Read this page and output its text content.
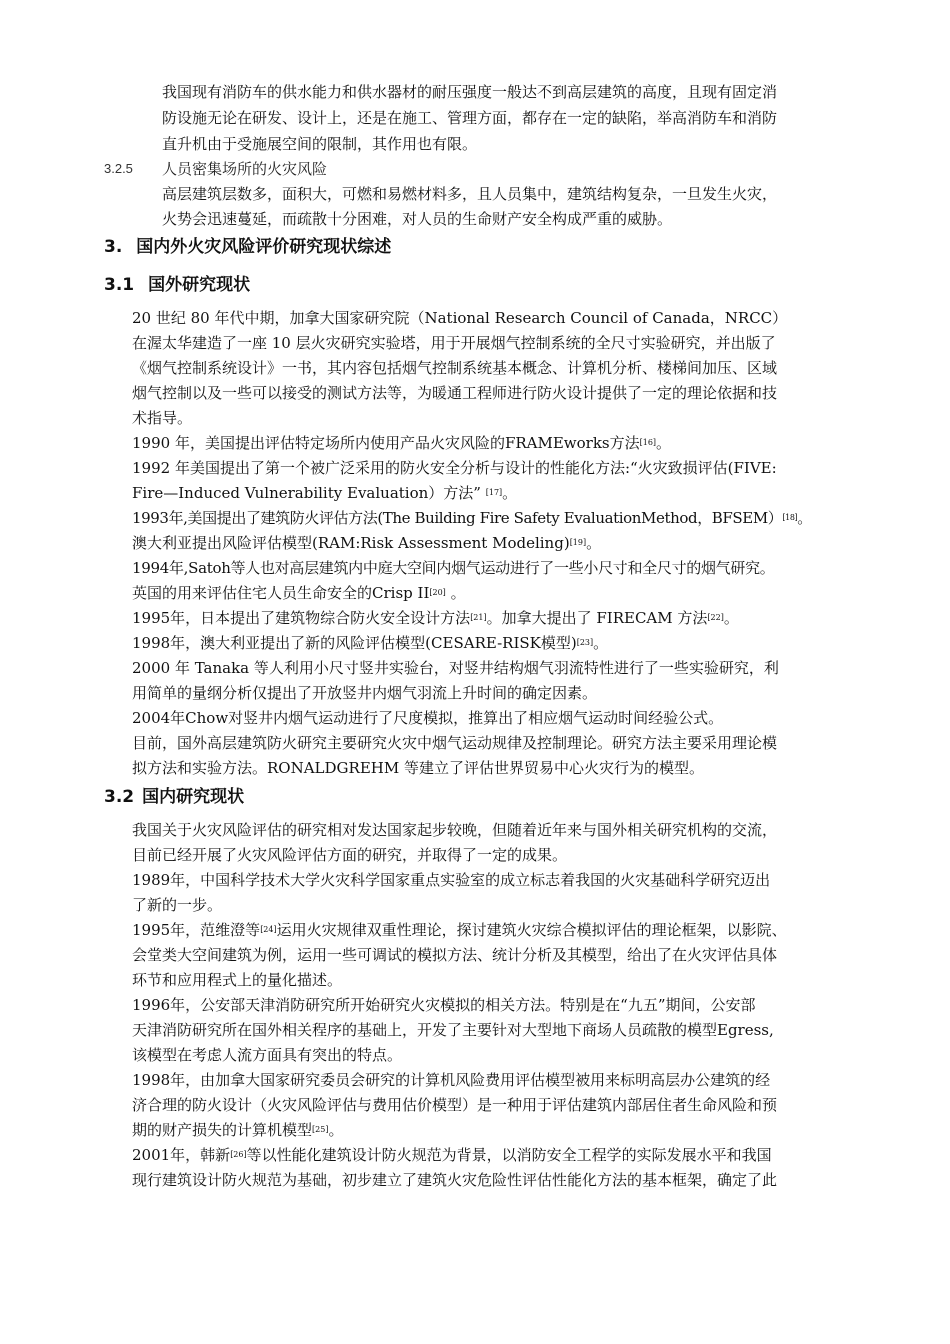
我国现有消防车的供水能力和供水器材的耐压强度一般达不到高层建筑的高度，且现有固定消
防设施无论在研发、设计上，还是在施工、管理方面，都存在一定的缺陷，举高消防车和消防
直升机由于受施展空间的限制，其作用也有限。
3.2.5 人员密集场所的火灾风险
高层建筑层数多，面积大，可燃和易燃材料多，且人员集中，建筑结构复杂，一旦发生火灾，
火势会迅速蔓延，而疏散十分困难，对人员的生命财产安全构成严重的威胁。
3. 国内外火灾风险评价研究现状综述
3.1 国外研究现状
20 世纪 80 年代中期，加拿大国家研究院（National Research Council of Canada，NRCC）
在渥太华建造了一座 10 层火灾研究实验塔，用于开展烟气控制系统的全尺寸实验研究，并出版了
《烟气控制系统设计》一书，其内容包括烟气控制系统基本概念、计算机分析、楼梯间加压、区域
烟气控制以及一些可以接受的测试方法等，为暖通工程师进行防火设计提供了一定的理论依据和技
术指导。
1990 年，美国提出评估特定场所内使用产品火灾风险的FRAMEworks方法[16]。
1992 年美国提出了第一个被广泛采用的防火安全分析与设计的性能化方法:“火灾致损评估(FIVE:
Fire—Induced Vulnerability Evaluation）方法” [17]。
1993年,美国提出了建筑防火评估方法(The Building Fire Safety EvaluationMethod，BFSEM）[18]。
澳大利亚提出风险评估模型(RAM:Risk Assessment Modeling)[19]。
1994年,Satoh等人也对高层建筑内中庭大空间内烟气运动进行了一些小尺寸和全尺寸的烟气研究。
英国的用来评估住宅人员生命安全的Crisp II[20] 。
1995年，日本提出了建筑物综合防火安全设计方法[21]。加拿大提出了 FIRECAM 方法[22]。
1998年，澳大利亚提出了新的风险评估模型(CESARE-RISK模型)[23]。
2000 年 Tanaka 等人利用小尺寸竖井实验台，对竖井结构烟气羽流特性进行了一些实验研究，利
用简单的量纲分析仅提出了开放竖井内烟气羽流上升时间的确定因素。
2004年Chow对竖井内烟气运动进行了尺度模拟，推算出了相应烟气运动时间经验公式。
目前，国外高层建筑防火研究主要研究火灾中烟气运动规律及控制理论。研究方法主要采用理论模
拟方法和实验方法。RONALDGREHM 等建立了评估世界贸易中心火灾行为的模型。
3.2 国内研究现状
我国关于火灾风险评估的研究相对发达国家起步较晚，但随着近年来与国外相关研究机构的交流，
目前已经开展了火灾风险评估方面的研究，并取得了一定的成果。
1989年，中国科学技术大学火灾科学国家重点实验室的成立标志着我国的火灾基础科学研究迈出
了新的一步。
1995年，范维澄等[24]运用火灾规律双重性理论，探讨建筑火灾综合模拟评估的理论框架，以影院、
会堂类大空间建筑为例，运用一些可调试的模拟方法、统计分析及其模型，给出了在火灾评估具体
环节和应用程式上的量化描述。
1996年，公安部天津消防研究所开始研究火灾模拟的相关方法。特别是在“九五”期间，公安部
天津消防研究所在国外相关程序的基础上，开发了主要针对大型地下商场人员疏散的模型Egress,
该模型在考虑人流方面具有突出的特点。
1998年，由加拿大国家研究委员会研究的计算机风险费用评估模型被用来标明高层办公建筑的经
济合理的防火设计（火灾风险评估与费用估价模型）是一种用于评估建筑内部居住者生命风险和预
期的财产损失的计算机模型[25]。
2001年，韩新[26]等以性能化建筑设计防火规范为背景，以消防安全工程学的实际发展水平和我国
现行建筑设计防火规范为基础，初步建立了建筑火灾危险性评估性能化方法的基本框架，确定了此
